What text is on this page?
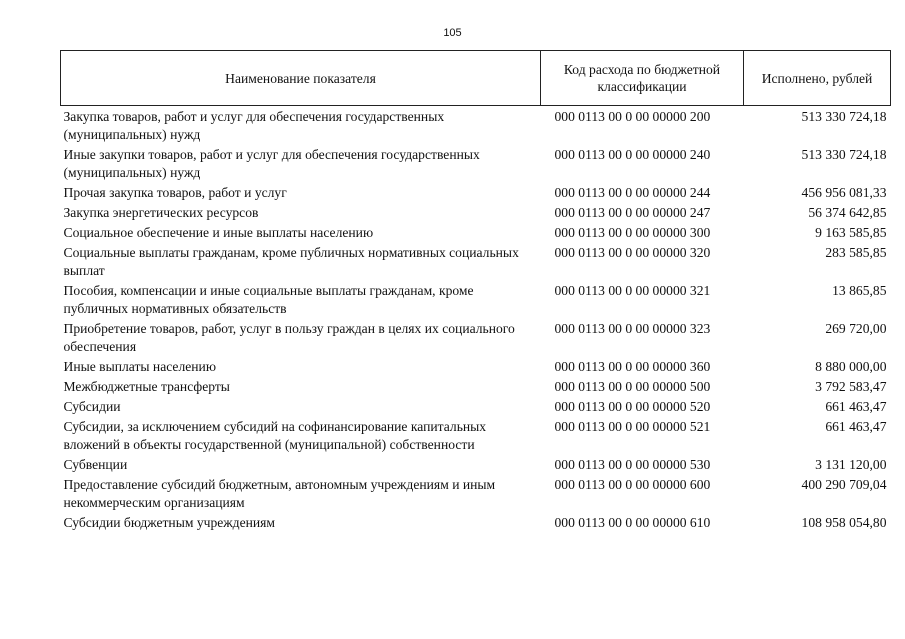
105
Наименование показателя	Код расхода по бюджетной классификации	Исполнено, рублей
Закупка товаров, работ и услуг для обеспечения государственных (муниципальных) нужд	000 0113 00 0 00 00000 200	513 330 724,18
Иные закупки товаров, работ и услуг для обеспечения государственных (муниципальных) нужд	000 0113 00 0 00 00000 240	513 330 724,18
Прочая закупка товаров, работ и услуг	000 0113 00 0 00 00000 244	456 956 081,33
Закупка энергетических ресурсов	000 0113 00 0 00 00000 247	56 374 642,85
Социальное обеспечение и иные выплаты населению	000 0113 00 0 00 00000 300	9 163 585,85
Социальные выплаты гражданам, кроме публичных нормативных социальных выплат	000 0113 00 0 00 00000 320	283 585,85
Пособия, компенсации и иные социальные выплаты гражданам, кроме публичных нормативных обязательств	000 0113 00 0 00 00000 321	13 865,85
Приобретение товаров, работ, услуг в пользу граждан в целях их социального обеспечения	000 0113 00 0 00 00000 323	269 720,00
Иные выплаты населению	000 0113 00 0 00 00000 360	8 880 000,00
Межбюджетные трансферты	000 0113 00 0 00 00000 500	3 792 583,47
Субсидии	000 0113 00 0 00 00000 520	661 463,47
Субсидии, за исключением субсидий на софинансирование капитальных вложений в объекты государственной (муниципальной) собственности	000 0113 00 0 00 00000 521	661 463,47
Субвенции	000 0113 00 0 00 00000 530	3 131 120,00
Предоставление субсидий бюджетным, автономным учреждениям и иным некоммерческим организациям	000 0113 00 0 00 00000 600	400 290 709,04
Субсидии бюджетным учреждениям	000 0113 00 0 00 00000 610	108 958 054,80
